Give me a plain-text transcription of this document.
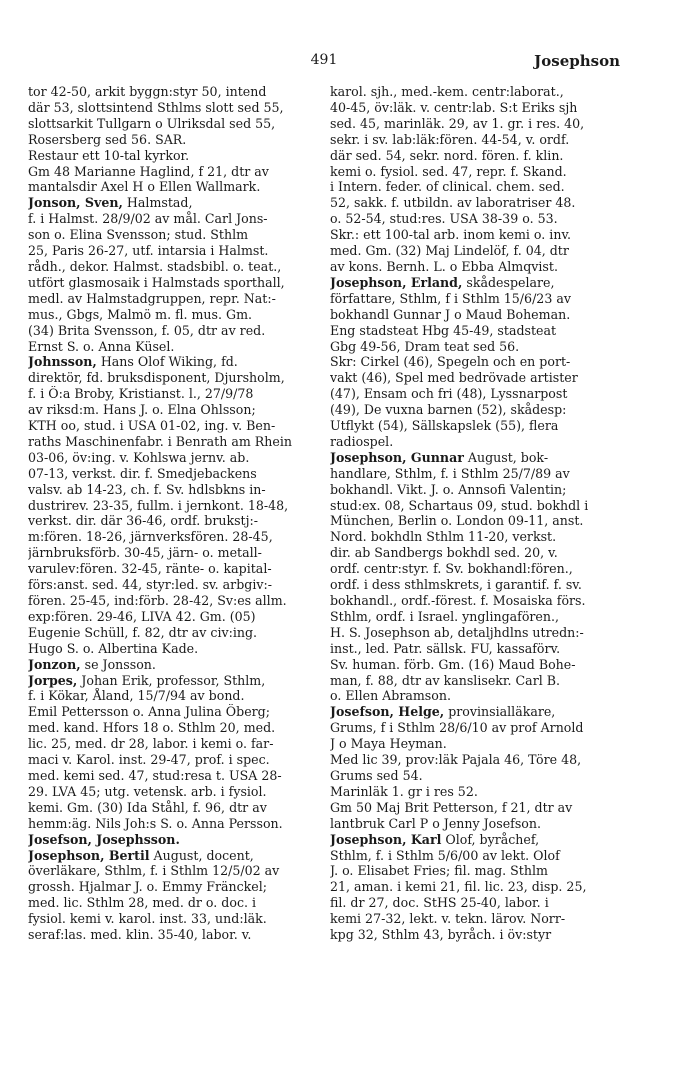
491	Josephson
tor 42-50, arkit byggn:styr 50, intend
där 53, slottsintend Sthlms slott sed 55,
slottsarkit Tullgarn o Ulriksdal sed 55,
Rosersberg sed 56. SAR.
Restaur ett 10-tal kyrkor.
Gm 48 Marianne Haglind, f 21, dtr av
mantalsdir Axel H o Ellen Wallmark.
Jonson, Sven, Halmstad,
f. i Halmst. 28/9/02 av mål. Carl Jons-
son o. Elina Svensson; stud. Sthlm
25, Paris 26-27, utf. intarsia i Halmst.
rådh., dekor. Halmst. stadsbibl. o. teat.,
utfört glasmosaik i Halmstads sporthall,
medl. av Halmstadgruppen, repr. Nat:-
mus., Gbgs, Malmö m. fl. mus. Gm.
(34) Brita Svensson, f. 05, dtr av red.
Ernst S. o. Anna Küsel.
Johnsson, Hans Olof Wiking, fd.
direktör, fd. bruksdisponent, Djursholm,
f. i Ö:a Broby, Kristianst. l., 27/9/78
av riksd:m. Hans J. o. Elna Ohlsson;
KTH oo, stud. i USA 01-02, ing. v. Ben-
raths Maschinenfabr. i Benrath am Rhein
03-06, öv:ing. v. Kohlswa jernv. ab.
07-13, verkst. dir. f. Smedjebackens
valsv. ab 14-23, ch. f. Sv. hdlsbkns in-
dustrirev. 23-35, fullm. i jernkont. 18-48,
verkst. dir. där 36-46, ordf. brukstj:-
m:fören. 18-26, järnverksfören. 28-45,
järnbruksförb. 30-45, järn- o. metall-
varulev:fören. 32-45, ränte- o. kapital-
förs:anst. sed. 44, styr:led. sv. arbgiv:-
fören. 25-45, ind:förb. 28-42, Sv:es allm.
exp:fören. 29-46, LIVA 42. Gm. (05)
Eugenie Schüll, f. 82, dtr av civ:ing.
Hugo S. o. Albertina Kade.
Jonzon, se Jonsson.
Jorpes, Johan Erik, professor, Sthlm,
f. i Kökar, Åland, 15/7/94 av bond.
Emil Pettersson o. Anna Julina Öberg;
med. kand. Hfors 18 o. Sthlm 20, med.
lic. 25, med. dr 28, labor. i kemi o. far-
maci v. Karol. inst. 29-47, prof. i spec.
med. kemi sed. 47, stud:resa t. USA 28-
29. LVA 45; utg. vetensk. arb. i fysiol.
kemi. Gm. (30) Ida Ståhl, f. 96, dtr av
hemm:äg. Nils Joh:s S. o. Anna Persson.
Josefson, Josephsson.
Josephson, Bertil August, docent,
överläkare, Sthlm, f. i Sthlm 12/5/02 av
grossh. Hjalmar J. o. Emmy Fränckel;
med. lic. Sthlm 28, med. dr o. doc. i
fysiol. kemi v. karol. inst. 33, und:läk.
seraf:las. med. klin. 35-40, labor. v.
karol. sjh., med.-kem. centr:laborat.,
40-45, öv:läk. v. centr:lab. S:t Eriks sjh
sed. 45, marinläk. 29, av 1. gr. i res. 40,
sekr. i sv. lab:läk:fören. 44-54, v. ordf.
där sed. 54, sekr. nord. fören. f. klin.
kemi o. fysiol. sed. 47, repr. f. Skand.
i Intern. feder. of clinical. chem. sed.
52, sakk. f. utbildn. av laboratriser 48.
o. 52-54, stud:res. USA 38-39 o. 53.
Skr.: ett 100-tal arb. inom kemi o. inv.
med. Gm. (32) Maj Lindelöf, f. 04, dtr
av kons. Bernh. L. o Ebba Almqvist.
Josephson, Erland, skådespelare,
författare, Sthlm, f i Sthlm 15/6/23 av
bokhandl Gunnar J o Maud Boheman.
Eng stadsteat Hbg 45-49, stadsteat
Gbg 49-56, Dram teat sed 56.
Skr: Cirkel (46), Spegeln och en port-
vakt (46), Spel med bedrövade artister
(47), Ensam och fri (48), Lyssnarpost
(49), De vuxna barnen (52), skådesp:
Utflykt (54), Sällskapslek (55), flera
radiospel.
Josephson, Gunnar August, bok-
handlare, Sthlm, f. i Sthlm 25/7/89 av
bokhandl. Vikt. J. o. Annsofi Valentin;
stud:ex. 08, Schartaus 09, stud. bokhdl i
München, Berlin o. London 09-11, anst.
Nord. bokhdln Sthlm 11-20, verkst.
dir. ab Sandbergs bokhdl sed. 20, v.
ordf. centr:styr. f. Sv. bokhandl:fören.,
ordf. i dess sthlmskrets, i garantif. f. sv.
bokhandl., ordf.-förest. f. Mosaiska förs.
Sthlm, ordf. i Israel. ynglingafören.,
H. S. Josephson ab, detaljhdlns utredn:-
inst., led. Patr. sällsk. FU, kassaförv.
Sv. human. förb. Gm. (16) Maud Bohe-
man, f. 88, dtr av kanslisekr. Carl B.
o. Ellen Abramson.
Josefson, Helge, provinsialläkare,
Grums, f i Sthlm 28/6/10 av prof Arnold
J o Maya Heyman.
Med lic 39, prov:läk Pajala 46, Töre 48,
Grums sed 54.
Marinläk 1. gr i res 52.
Gm 50 Maj Brit Petterson, f 21, dtr av
lantbruk Carl P o Jenny Josefson.
Josephson, Karl Olof, byråchef,
Sthlm, f. i Sthlm 5/6/00 av lekt. Olof
J. o. Elisabet Fries; fil. mag. Sthlm
21, aman. i kemi 21, fil. lic. 23, disp. 25,
fil. dr 27, doc. StHS 25-40, labor. i
kemi 27-32, lekt. v. tekn. lärov. Norr-
kpg 32, Sthlm 43, byråch. i öv:styr
